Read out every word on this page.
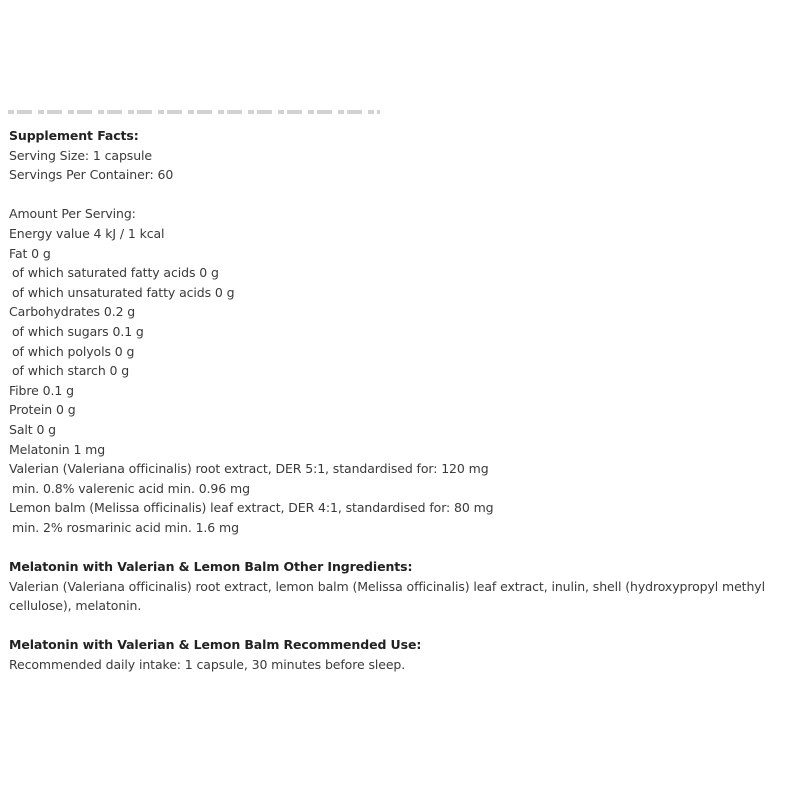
Supplement Facts:
Serving Size: 1 capsule
Servings Per Container: 60
Amount Per Serving:
Energy value 4 kJ / 1 kcal
Fat 0 g
of which saturated fatty acids 0 g
of which unsaturated fatty acids 0 g
Carbohydrates 0.2 g
of which sugars 0.1 g
of which polyols 0 g
of which starch 0 g
Fibre 0.1 g
Protein 0 g
Salt 0 g
Melatonin 1 mg
Valerian (Valeriana officinalis) root extract, DER 5:1, standardised for: 120 mg
min. 0.8% valerenic acid min. 0.96 mg
Lemon balm (Melissa officinalis) leaf extract, DER 4:1, standardised for: 80 mg
min. 2% rosmarinic acid min. 1.6 mg
Melatonin with Valerian & Lemon Balm Other Ingredients:
Valerian (Valeriana officinalis) root extract, lemon balm (Melissa officinalis) leaf extract, inulin, shell (hydroxypropyl methyl cellulose), melatonin.
Melatonin with Valerian & Lemon Balm Recommended Use:
Recommended daily intake: 1 capsule, 30 minutes before sleep.
